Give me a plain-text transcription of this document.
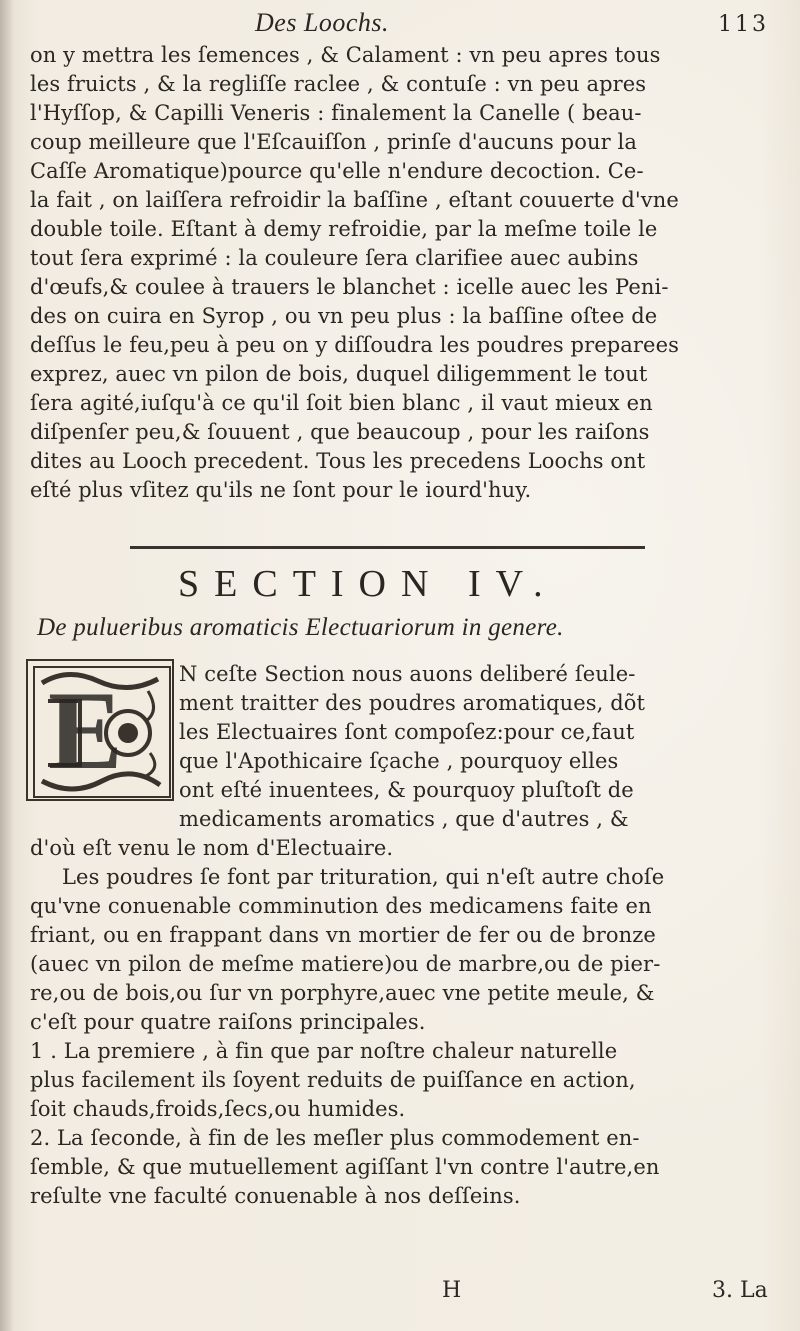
Des Loochs.	113
on y mettra les ſemences , & Calament : vn peu apres tous
les fruicts , & la regliſſe raclee , & contuſe : vn peu apres
l'Hyſſop, & Capilli Veneris : finalement la Canelle ( beau-
coup meilleure que l'Eſcauiſſon , prinſe d'aucuns pour la
Caſſe Aromatique)pource qu'elle n'endure decoction. Ce-
la fait , on laiſſera refroidir la baſſine , eſtant couuerte d'vne
double toile. Eſtant à demy refroidie, par la meſme toile le
tout ſera exprimé : la couleure ſera clarifiee auec aubins
d'œufs,& coulee à trauers le blanchet : icelle auec les Peni-
des on cuira en Syrop , ou vn peu plus : la baſſine oſtee de
deſſus le feu,peu à peu on y diſſoudra les poudres preparees
exprez, auec vn pilon de bois, duquel diligemment le tout
ſera agité,iuſqu'à ce qu'il ſoit bien blanc , il vaut mieux en
diſpenſer peu,& ſouuent , que beaucoup , pour les raiſons
dites au Looch precedent. Tous les precedens Loochs ont
eſté plus vſitez qu'ils ne ſont pour le iourd'huy.
SECTION IV.
De pulueribus aromaticis Electuariorum in genere.
E	N ceſte Section nous auons deliberé ſeule-
ment traitter des poudres aromatiques, dõt
les Electuaires ſont compoſez:pour ce,faut
que l'Apothicaire ſçache , pourquoy elles
ont eſté inuentees, & pourquoy pluſtoſt de
medicaments aromatics , que d'autres , &
d'où eſt venu le nom d'Electuaire.
Les poudres ſe font par trituration, qui n'eſt autre choſe
qu'vne conuenable comminution des medicamens faite en
friant, ou en frappant dans vn mortier de fer ou de bronze
(auec vn pilon de meſme matiere)ou de marbre,ou de pier-
re,ou de bois,ou ſur vn porphyre,auec vne petite meule, &
c'eſt pour quatre raiſons principales.
1 . La premiere , à fin que par noſtre chaleur naturelle
plus facilement ils ſoyent reduits de puiſſance en action,
ſoit chauds,froids,ſecs,ou humides.
2. La ſeconde, à fin de les meſler plus commodement en-
ſemble, & que mutuellement agiſſant l'vn contre l'autre,en
reſulte vne faculté conuenable à nos deſſeins.
H	3. La
